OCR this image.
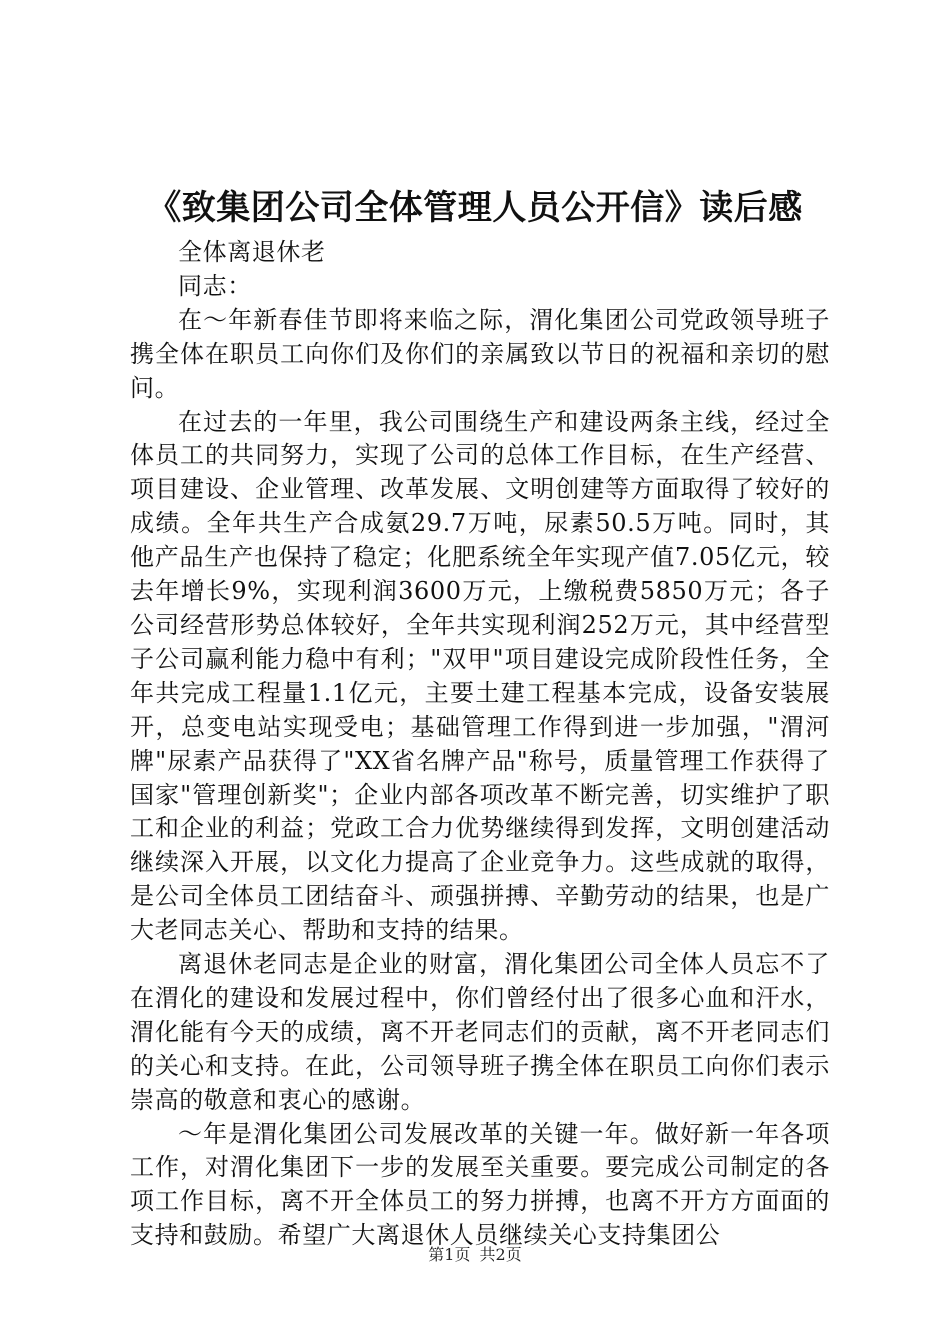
《致集团公司全体管理人员公开信》读后感

全体离退休老

同志：

在～年新春佳节即将来临之际，渭化集团公司党政领导班子携全体在职员工向你们及你们的亲属致以节日的祝福和亲切的慰问。

在过去的一年里，我公司围绕生产和建设两条主线，经过全体员工的共同努力，实现了公司的总体工作目标，在生产经营、项目建设、企业管理、改革发展、文明创建等方面取得了较好的成绩。全年共生产合成氨29.7万吨，尿素50.5万吨。同时，其他产品生产也保持了稳定；化肥系统全年实现产值7.05亿元，较去年增长9%，实现利润3600万元，上缴税费5850万元；各子公司经营形势总体较好，全年共实现利润252万元，其中经营型子公司赢利能力稳中有利；"双甲"项目建设完成阶段性任务，全年共完成工程量1.1亿元，主要土建工程基本完成，设备安装展开，总变电站实现受电；基础管理工作得到进一步加强，"渭河牌"尿素产品获得了"XX省名牌产品"称号，质量管理工作获得了国家"管理创新奖"；企业内部各项改革不断完善，切实维护了职工和企业的利益；党政工合力优势继续得到发挥，文明创建活动继续深入开展，以文化力提高了企业竞争力。这些成就的取得，是公司全体员工团结奋斗、顽强拼搏、辛勤劳动的结果，也是广大老同志关心、帮助和支持的结果。

离退休老同志是企业的财富，渭化集团公司全体人员忘不了在渭化的建设和发展过程中，你们曾经付出了很多心血和汗水，渭化能有今天的成绩，离不开老同志们的贡献，离不开老同志们的关心和支持。在此，公司领导班子携全体在职员工向你们表示崇高的敬意和衷心的感谢。

～年是渭化集团公司发展改革的关键一年。做好新一年各项工作，对渭化集团下一步的发展至关重要。要完成公司制定的各项工作目标，离不开全体员工的努力拼搏，也离不开方方面面的支持和鼓励。希望广大离退休人员继续关心支持集团公

第1页 共2页
